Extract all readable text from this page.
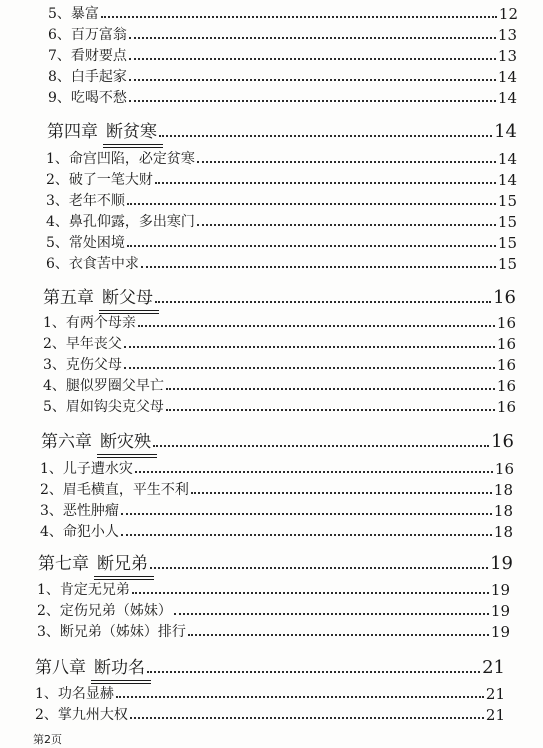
5、暴富	12
6、百万富翁	13
7、看财要点	13
8、白手起家	14
9、吃喝不愁	14
第四章 断贫寒	14
1、命宫凹陷，必定贫寒	14
2、破了一笔大财	14
3、老年不顺	15
4、鼻孔仰露，多出寒门	15
5、常处困境	15
6、衣食苦中求	15
第五章 断父母	16
1、有两个母亲	16
2、早年丧父	16
3、克伤父母	16
4、腿似罗圈父早亡	16
5、眉如钩尖克父母	16
第六章 断灾殃	16
1、儿子遭水灾	16
2、眉毛横直，平生不利	18
3、恶性肿瘤	18
4、命犯小人	18
第七章 断兄弟	19
1、肯定无兄弟	19
2、定伤兄弟（姊妹）	19
3、断兄弟（姊妹）排行	19
第八章 断功名	21
1、功名显赫	21
2、掌九州大权	21
第2页
